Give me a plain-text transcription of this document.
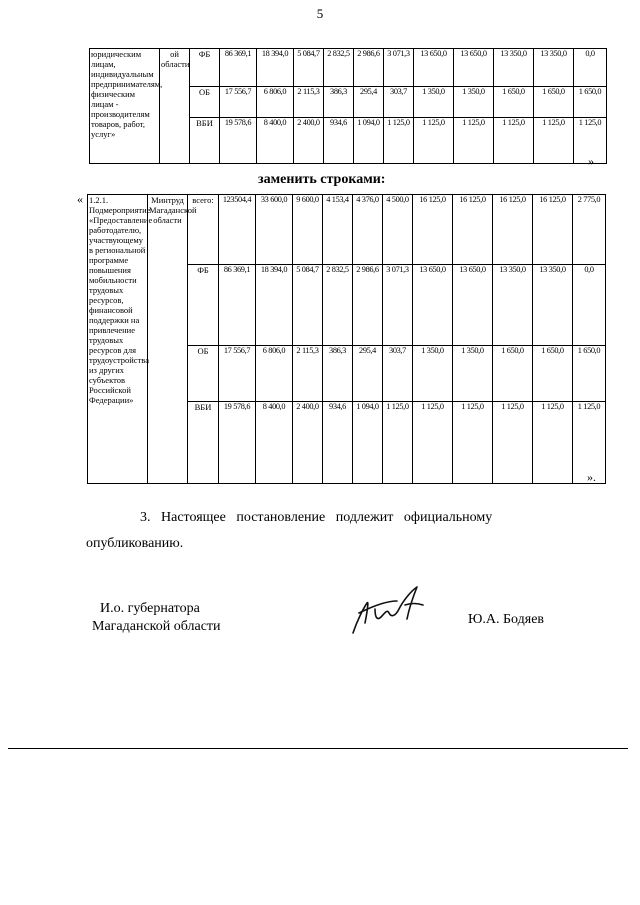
5
юридическим лицам, индивидуальным предпринимателям, физическим лицам - производителям товаров, работ, услуг»	ой области	ФБ	86 369,1	18 394,0	5 084,7	2 832,5	2 986,6	3 071,3	13 650,0	13 650,0	13 350,0	13 350,0	0,0
		ОБ	17 556,7	6 806,0	2 115,3	386,3	295,4	303,7	1 350,0	1 350,0	1 650,0	1 650,0	1 650,0
		ВБИ	19 578,6	8 400,0	2 400,0	934,6	1 094,0	1 125,0	1 125,0	1 125,0	1 125,0	1 125,0	1 125,0
»
заменить строками:
« 1.2.1. Подмероприятие «Предоставление работодателю, участвующему в региональной программе повышения мобильности трудовых ресурсов, финансовой поддержки на привлечение трудовых ресурсов для трудоустройства из других субъектов Российской Федерации»	Минтруд Магаданской области	всего:	123504,4	33 600,0	9 600,0	4 153,4	4 376,0	4 500,0	16 125,0	16 125,0	16 125,0	16 125,0	2 775,0
		ФБ	86 369,1	18 394,0	5 084,7	2 832,5	2 986,6	3 071,3	13 650,0	13 650,0	13 350,0	13 350,0	0,0
		ОБ	17 556,7	6 806,0	2 115,3	386,3	295,4	303,7	1 350,0	1 350,0	1 650,0	1 650,0	1 650,0
		ВБИ	19 578,6	8 400,0	2 400,0	934,6	1 094,0	1 125,0	1 125,0	1 125,0	1 125,0	1 125,0	1 125,0
».
3.   Настоящее   постановление   подлежит   официальному
опубликованию.
И.о. губернатора
Магаданской области	Ю.А. Бодяев
